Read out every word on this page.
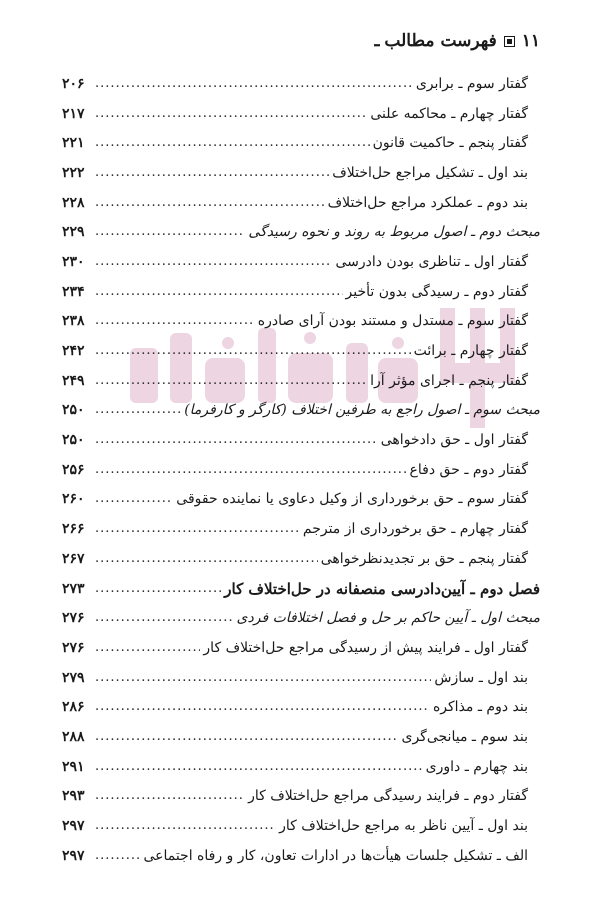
۱۱
فهرست مطالب
ـ
گفتار سوم ـ برابری
.....
۲۰۶
گفتار چهارم ـ محاکمه علنی
.....
۲۱۷
گفتار پنجم ـ حاکمیت قانون
.....
۲۲۱
بند اول ـ تشکیل مراجع حل‌اختلاف
.....
۲۲۲
بند دوم ـ عملکرد مراجع حل‌اختلاف
.....
۲۲۸
مبحث دوم ـ اصول مربوط به روند و نحوه رسیدگی
.....
۲۲۹
گفتار اول ـ تناظری بودن دادرسی
.....
۲۳۰
گفتار دوم ـ رسیدگی بدون تأخیر
.....
۲۳۴
گفتار سوم ـ مستدل و مستند بودن آرای صادره
.....
۲۳۸
گفتار چهارم ـ برائت
.....
۲۴۲
گفتار پنجم ـ اجرای مؤثر آرا
.....
۲۴۹
مبحث سوم ـ اصول راجع به طرفین اختلاف (کارگر و کارفرما)
.....
۲۵۰
گفتار اول ـ حق دادخواهی
.....
۲۵۰
گفتار دوم ـ حق دفاع
.....
۲۵۶
گفتار سوم ـ حق برخورداری از وکیل دعاوی یا نماینده حقوقی
.....
۲۶۰
گفتار چهارم ـ حق برخورداری از مترجم
.....
۲۶۶
گفتار پنجم ـ حق بر تجدیدنظرخواهی
.....
۲۶۷
فصل دوم ـ آیین‌دادرسی منصفانه در حل‌اختلاف کار
.....
۲۷۳
مبحث اول ـ آیین حاکم بر حل و فصل اختلافات فردی
.....
۲۷۶
گفتار اول ـ فرایند پیش از رسیدگی مراجع حل‌اختلاف کار
.....
۲۷۶
بند اول ـ سازش
.....
۲۷۹
بند دوم ـ مذاکره
.....
۲۸۶
بند سوم ـ میانجی‌گری
.....
۲۸۸
بند چهارم ـ داوری
.....
۲۹۱
گفتار دوم ـ فرایند رسیدگی مراجع حل‌اختلاف کار
.....
۲۹۳
بند اول ـ آیین ناظر به مراجع حل‌اختلاف کار
.....
۲۹۷
الف ـ تشکیل جلسات هیأت‌ها در ادارات تعاون، کار و رفاه اجتماعی
.....
۲۹۷
